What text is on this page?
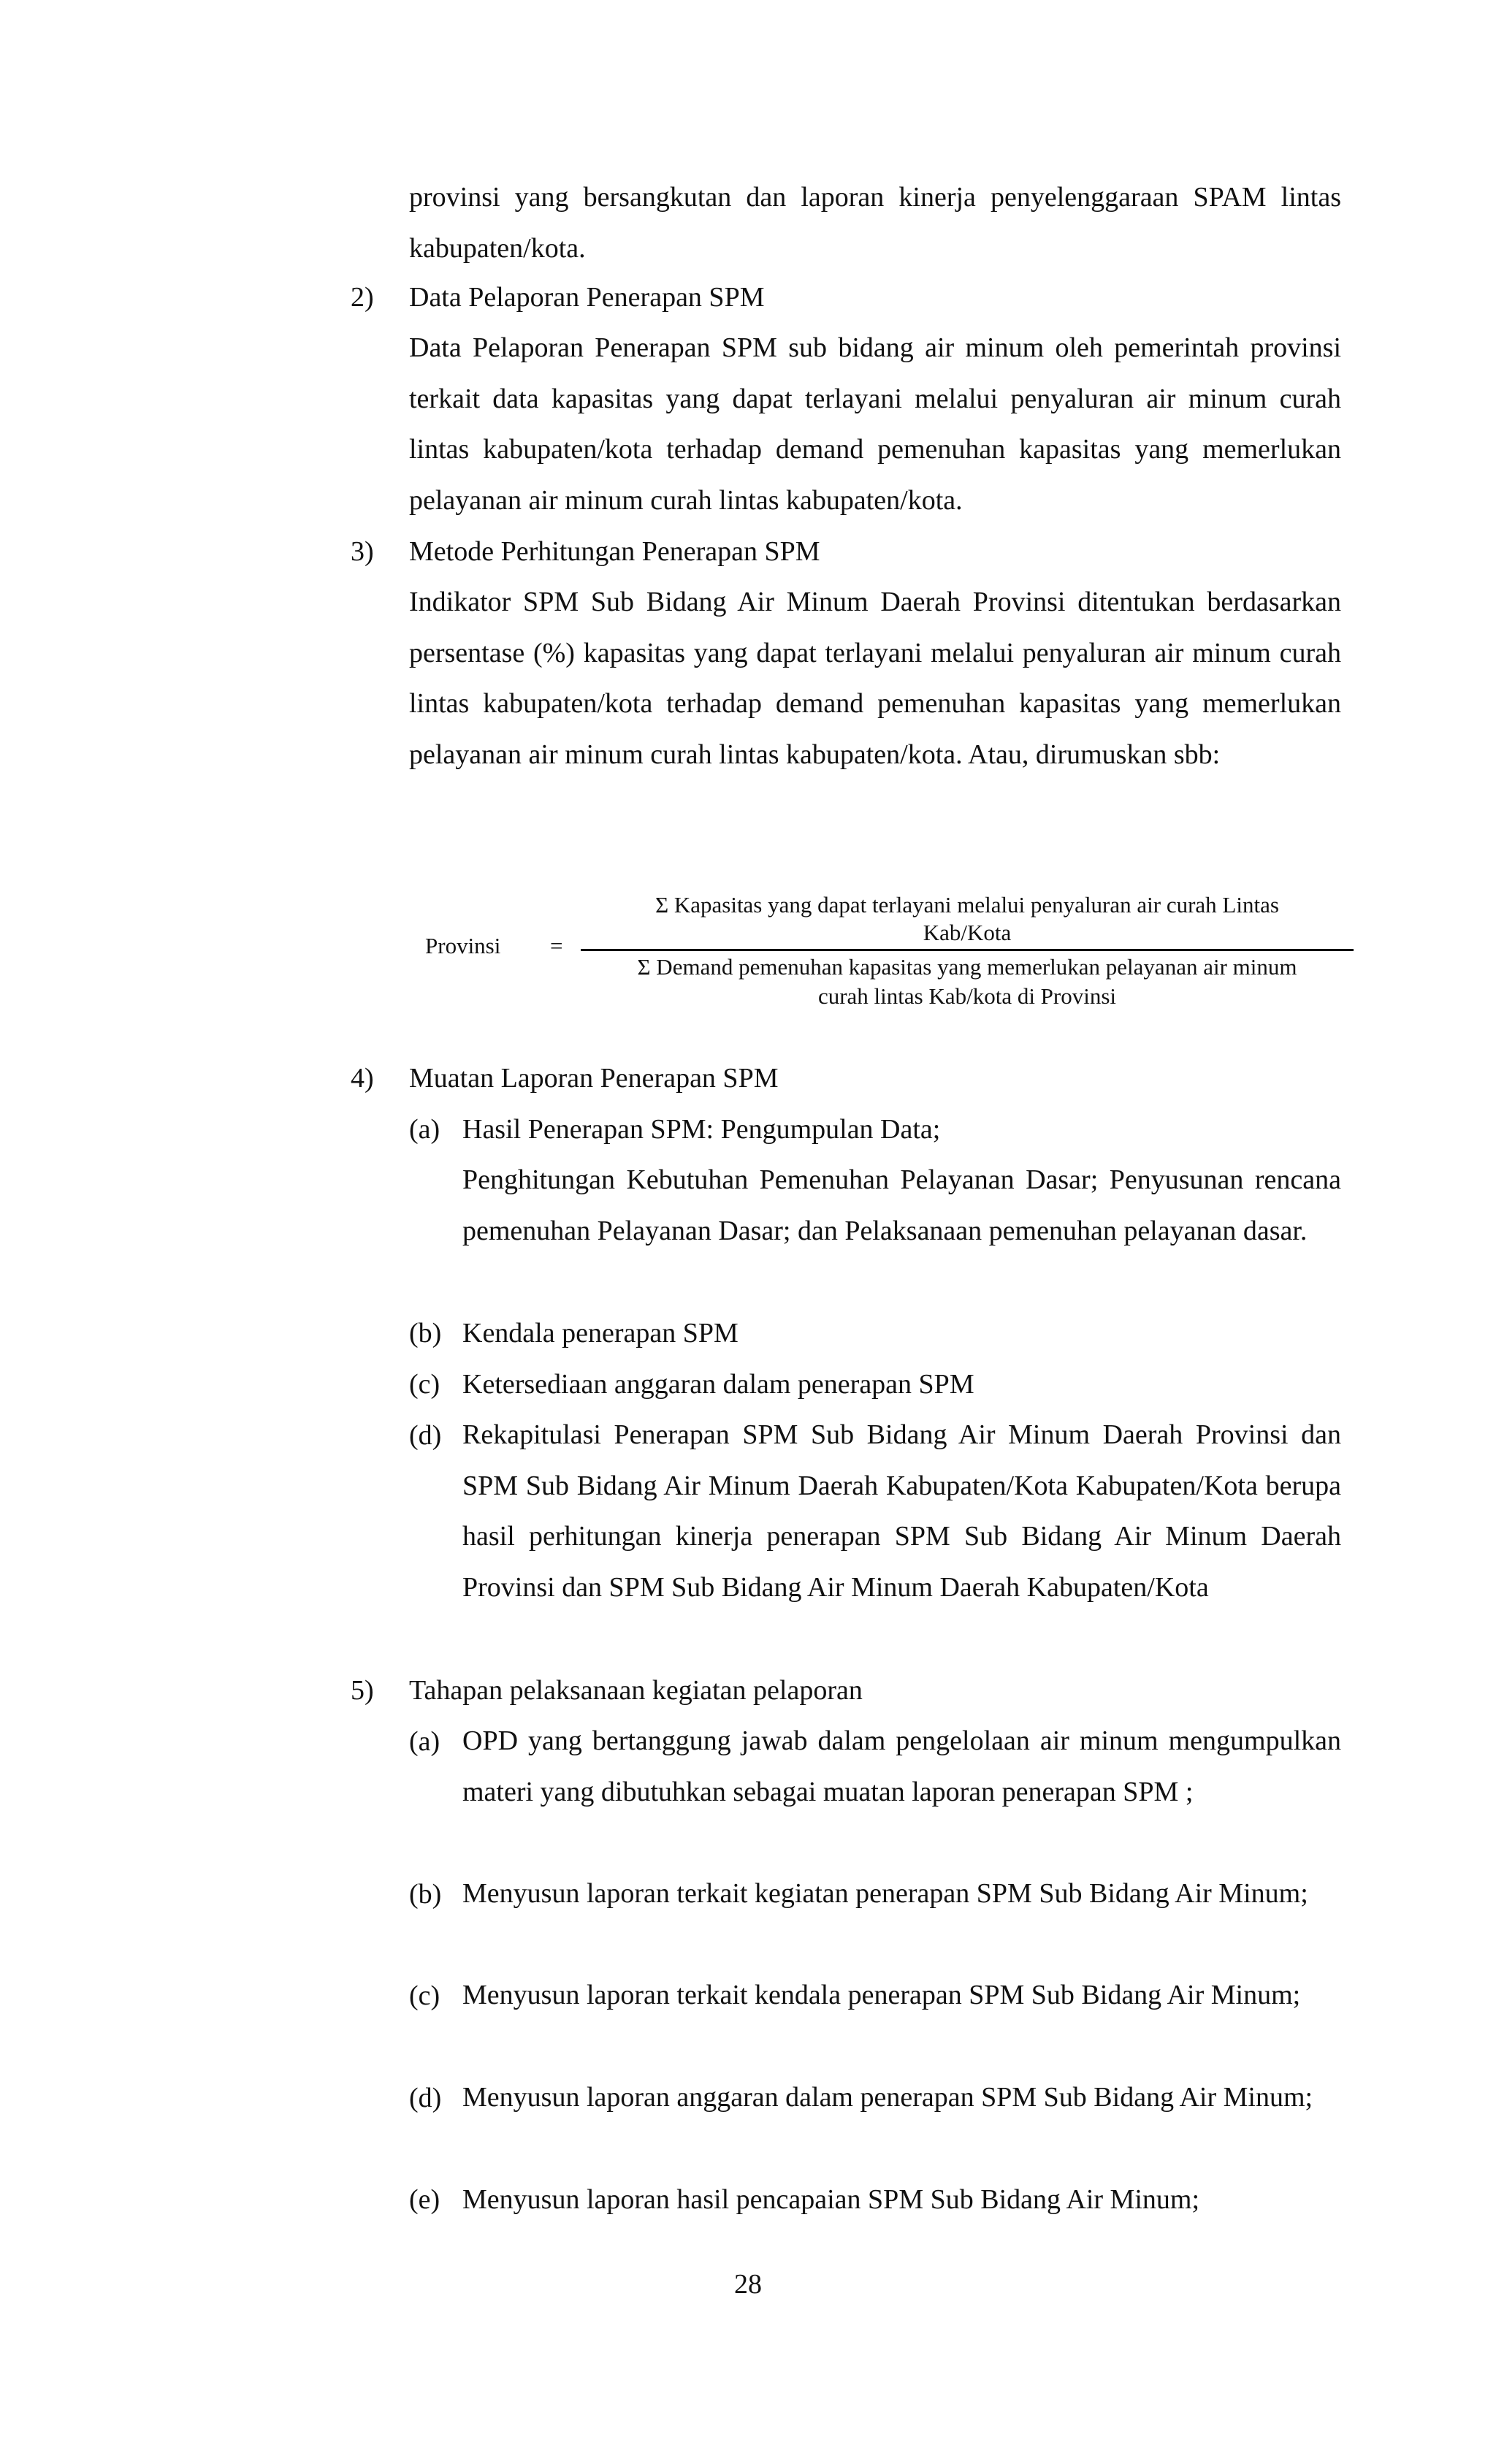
provinsi yang bersangkutan dan laporan kinerja penyelenggaraan SPAM lintas kabupaten/kota.
2) Data Pelaporan Penerapan SPM
Data Pelaporan Penerapan SPM sub bidang air minum oleh pemerintah provinsi terkait data kapasitas yang dapat terlayani melalui penyaluran air minum curah lintas kabupaten/kota terhadap demand pemenuhan kapasitas yang memerlukan pelayanan air minum curah lintas kabupaten/kota.
3) Metode Perhitungan Penerapan SPM
Indikator SPM Sub Bidang Air Minum Daerah Provinsi ditentukan berdasarkan persentase (%) kapasitas yang dapat terlayani melalui penyaluran air minum curah lintas kabupaten/kota terhadap demand pemenuhan kapasitas yang memerlukan pelayanan air minum curah lintas kabupaten/kota. Atau, dirumuskan sbb:
Provinsi =
Σ Kapasitas yang dapat terlayani melalui penyaluran air curah Lintas
Kab/Kota
Σ Demand pemenuhan kapasitas yang memerlukan pelayanan air minum
curah lintas Kab/kota di Provinsi
4) Muatan Laporan Penerapan SPM
(a) Hasil Penerapan SPM: Pengumpulan Data;
Penghitungan Kebutuhan Pemenuhan Pelayanan Dasar; Penyusunan rencana pemenuhan Pelayanan Dasar; dan Pelaksanaan pemenuhan pelayanan dasar.
(b) Kendala penerapan SPM
(c) Ketersediaan anggaran dalam penerapan SPM
(d) Rekapitulasi Penerapan SPM Sub Bidang Air Minum Daerah Provinsi dan SPM Sub Bidang Air Minum Daerah Kabupaten/Kota Kabupaten/Kota berupa hasil perhitungan kinerja penerapan SPM Sub Bidang Air Minum Daerah Provinsi dan SPM Sub Bidang Air Minum Daerah Kabupaten/Kota
5) Tahapan pelaksanaan kegiatan pelaporan
(a) OPD yang bertanggung jawab dalam pengelolaan air minum mengumpulkan materi yang dibutuhkan sebagai muatan laporan penerapan SPM ;
(b) Menyusun laporan terkait kegiatan penerapan SPM Sub Bidang Air Minum;
(c) Menyusun laporan terkait kendala penerapan SPM Sub Bidang Air Minum;
(d) Menyusun laporan anggaran dalam penerapan SPM Sub Bidang Air Minum;
(e) Menyusun laporan hasil pencapaian SPM Sub Bidang Air Minum;
28
